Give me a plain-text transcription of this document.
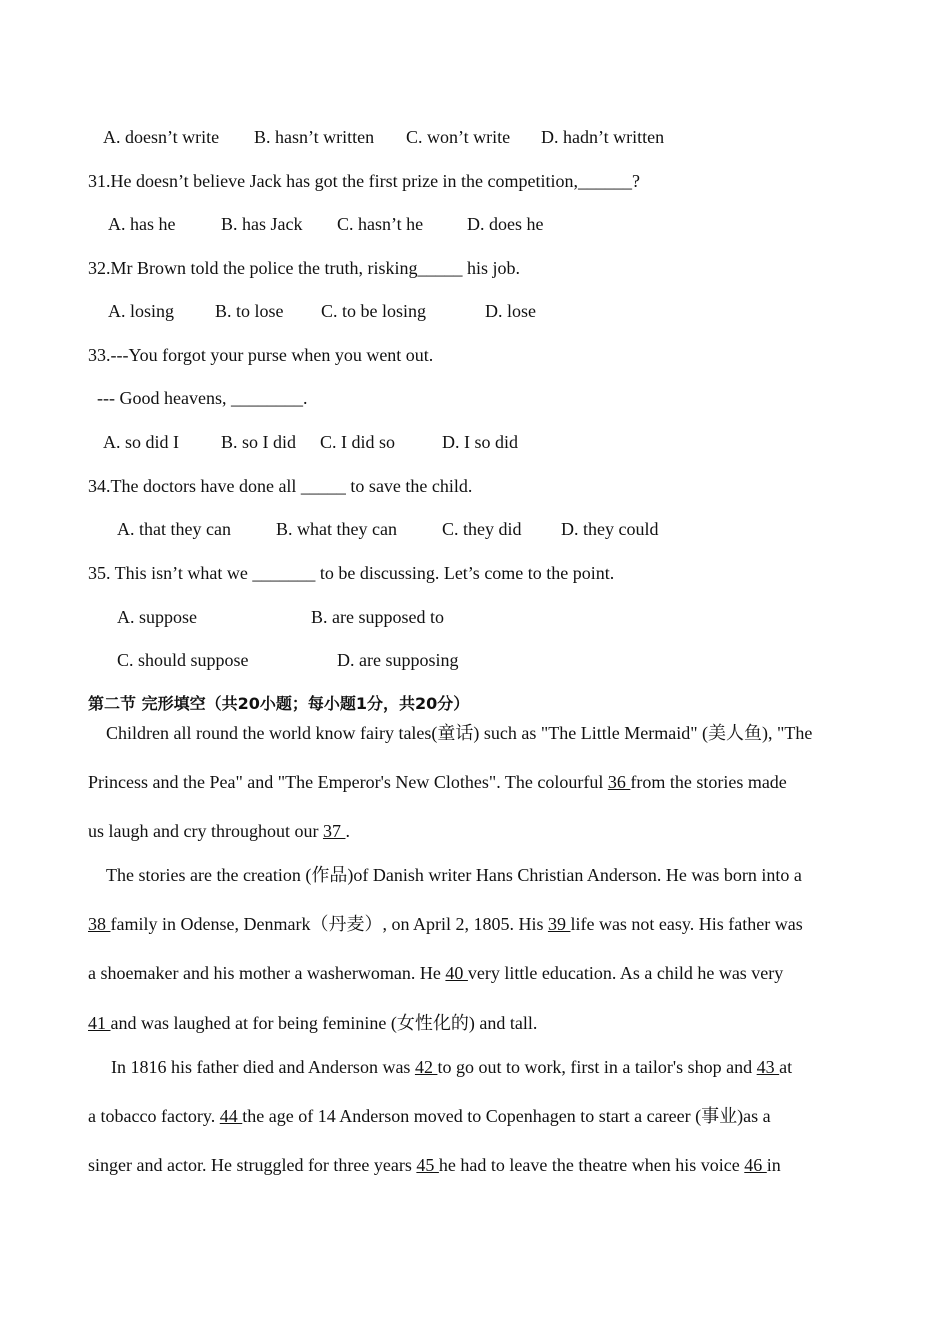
A. doesn’t write B. hasn’t written C. won’t write D. hadn’t written
31.He doesn’t believe Jack has got the first prize in the competition,______?
A. has he	B. has Jack C. hasn’t he D. does he
32.Mr Brown told the police the truth, risking_____ his job.
A. losing B. to lose C. to be losing	D. lose
33.---You forgot your purse when you went out.
--- Good heavens, ________.
A. so did I B. so I did C. I did so	D. I so did
34.The doctors have done all _____ to save the child.
A. that they can	B. what they can	C. they did D. they could
35. This isn’t what we _______ to be discussing. Let’s come to the point.
A. suppose	B. are supposed to
C. should suppose	D. are supposing
第二节 完形填空（共20小题；每小题1分，共20分）
Children all round the world know fairy tales(童话) such as "The Little Mermaid" (美人鱼), "The
Princess and the Pea" and "The Emperor's New Clothes". The colourful 36 from the stories made
us laugh and cry throughout our 37 .
The stories are the creation (作品)of Danish writer Hans Christian Anderson. He was born into a
38 family in Odense, Denmark（丹麦）, on April 2, 1805. His 39 life was not easy. His father was
a shoemaker and his mother a washerwoman. He 40 very little education. As a child he was very
41 and was laughed at for being feminine (女性化的) and tall.
In 1816 his father died and Anderson was 42 to go out to work, first in a tailor's shop and 43 at
a tobacco factory. 44 the age of 14 Anderson moved to Copenhagen to start a career (事业)as a
singer and actor. He struggled for three years 45 he had to leave the theatre when his voice 46 in
